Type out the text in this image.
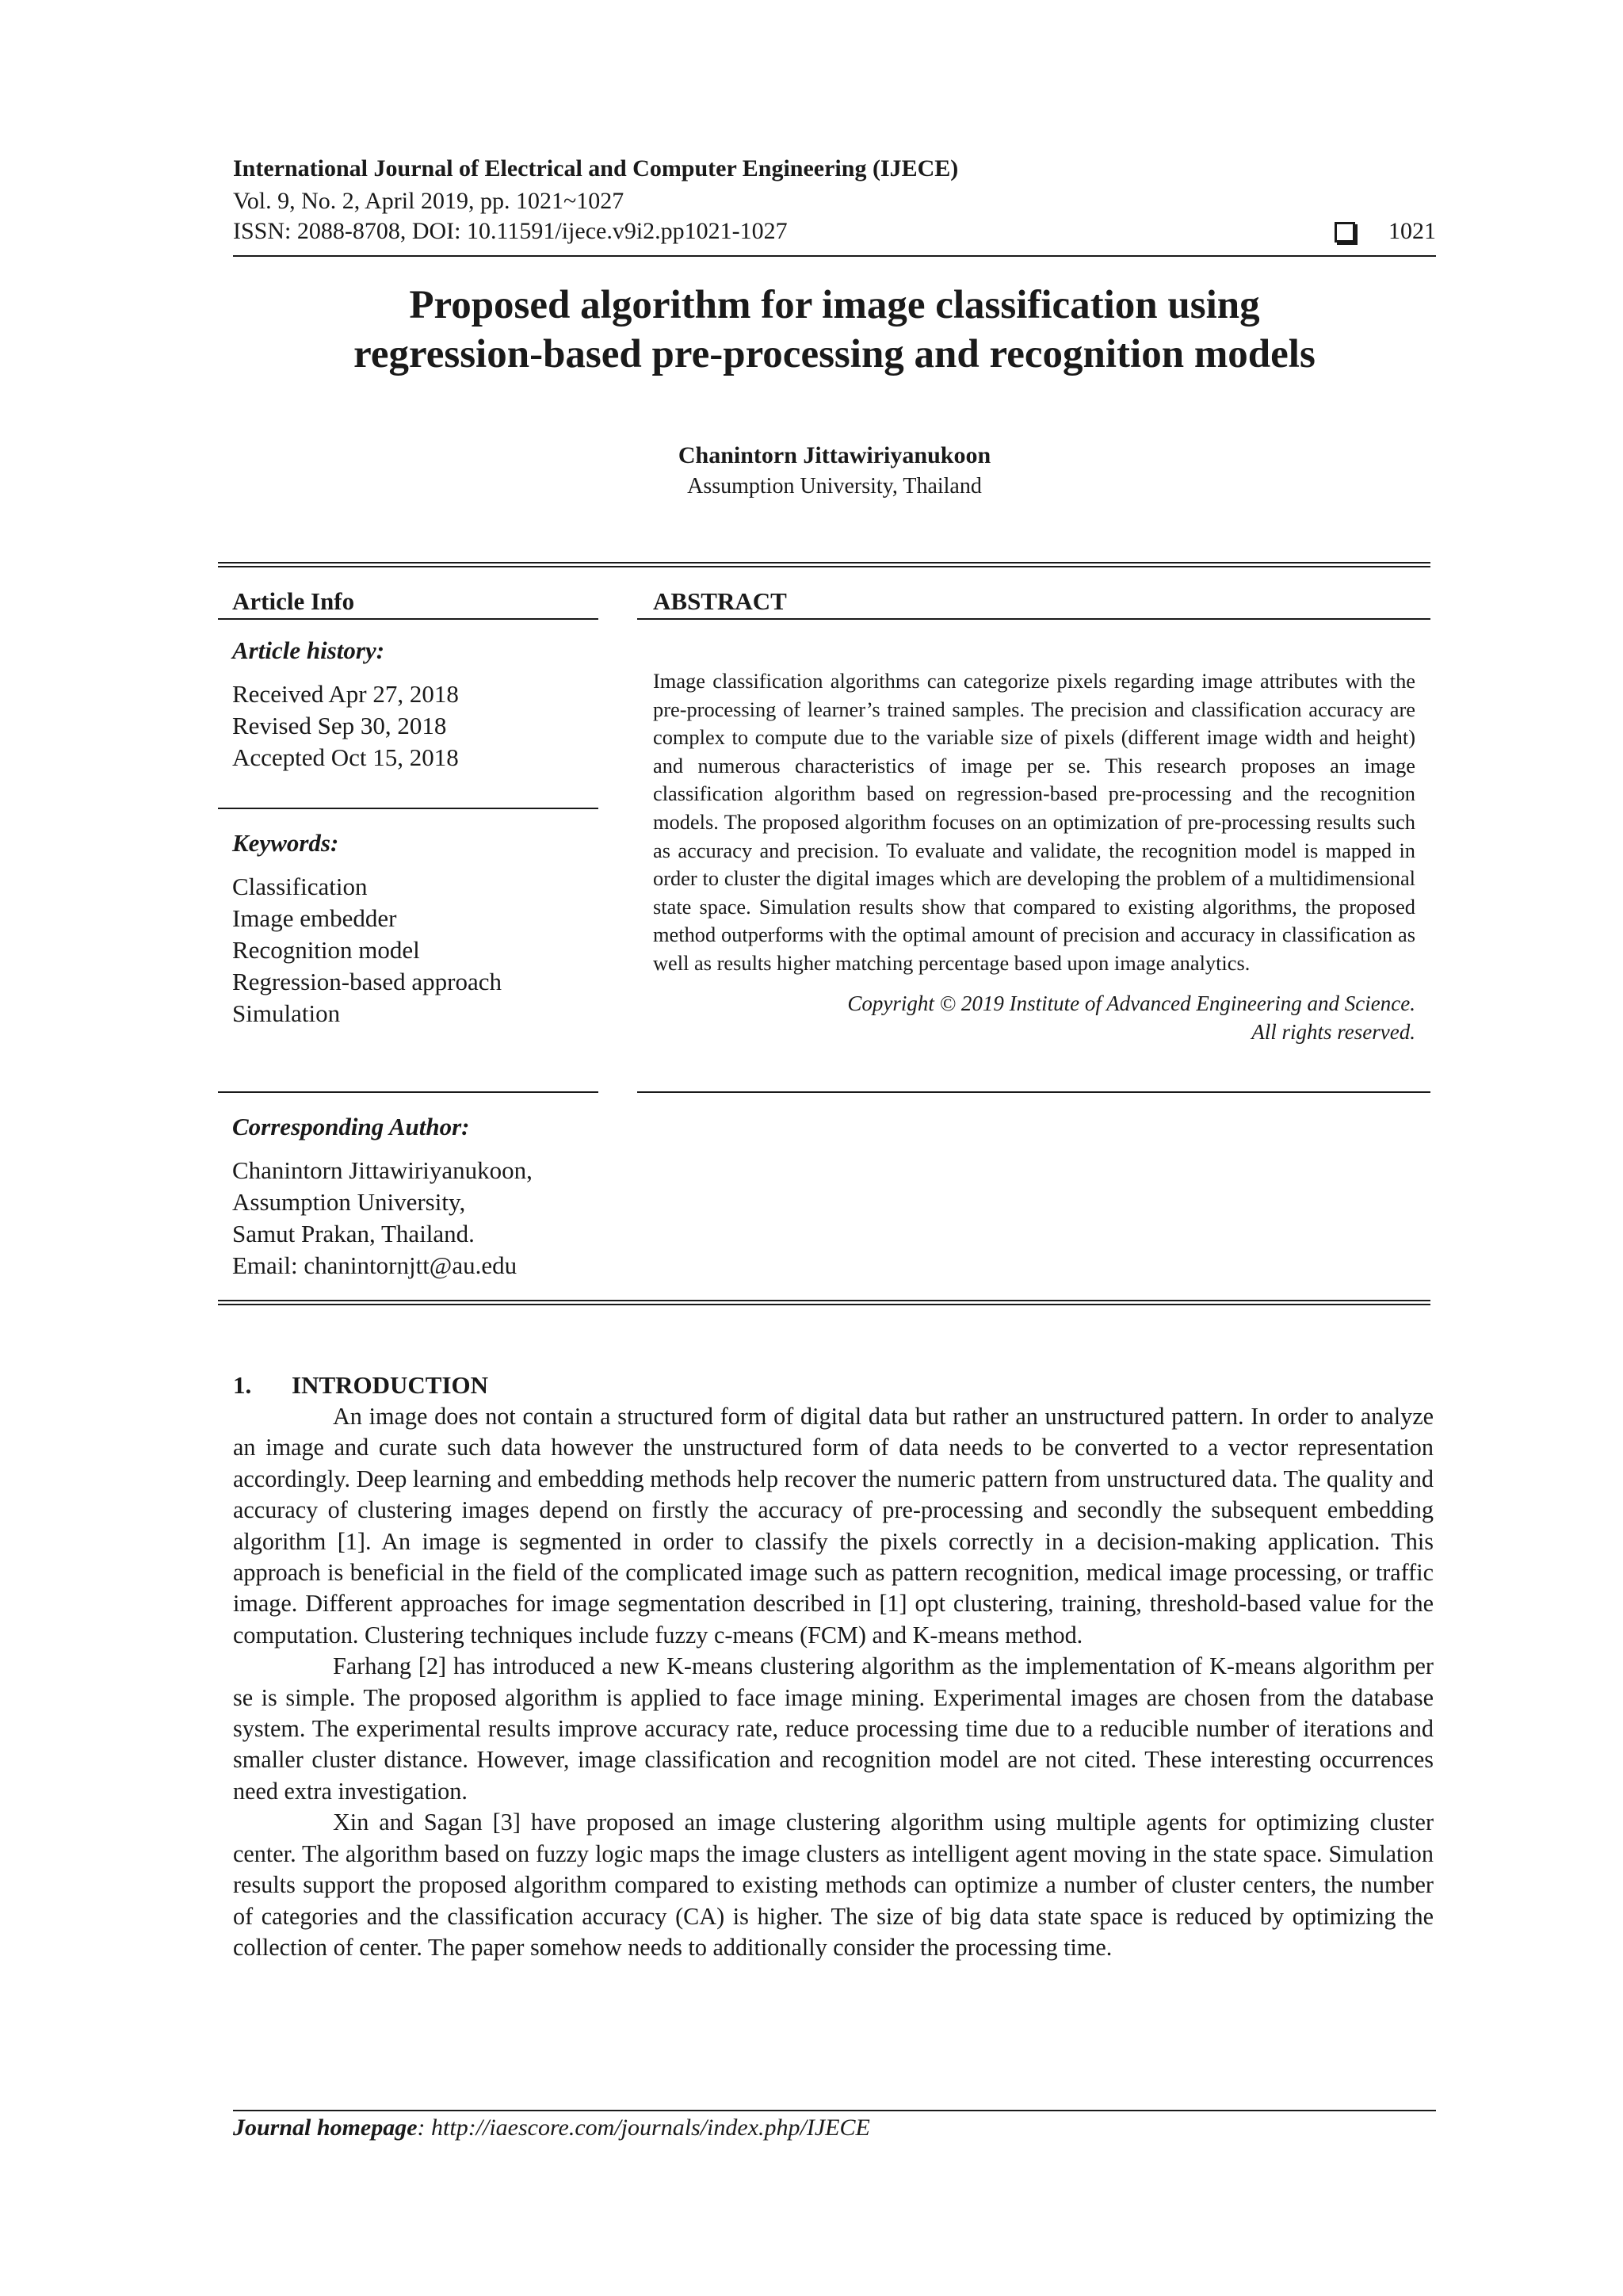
International Journal of Electrical and Computer Engineering (IJECE)
Vol. 9, No. 2, April 2019, pp. 1021~1027
ISSN: 2088-8708, DOI: 10.11591/ijece.v9i2.pp1021-1027	1021
Proposed algorithm for image classification using
regression-based pre-processing and recognition models
Chanintorn Jittawiriyanukoon
Assumption University, Thailand
Article Info
Article history:
Received Apr 27, 2018
Revised Sep 30, 2018
Accepted Oct 15, 2018
Keywords:
Classification
Image embedder
Recognition model
Regression-based approach
Simulation
Corresponding Author:
Chanintorn Jittawiriyanukoon,
Assumption University,
Samut Prakan, Thailand.
Email: chanintornjtt@au.edu
ABSTRACT
Image classification algorithms can categorize pixels regarding image attributes with the pre-processing of learner’s trained samples. The precision and classification accuracy are complex to compute due to the variable size of pixels (different image width and height) and numerous characteristics of image per se. This research proposes an image classification algorithm based on regression-based pre-processing and the recognition models. The proposed algorithm focuses on an optimization of pre-processing results such as accuracy and precision. To evaluate and validate, the recognition model is mapped in order to cluster the digital images which are developing the problem of a multidimensional state space. Simulation results show that compared to existing algorithms, the proposed method outperforms with the optimal amount of precision and accuracy in classification as well as results higher matching percentage based upon image analytics.
Copyright © 2019 Institute of Advanced Engineering and Science.
All rights reserved.
1.	INTRODUCTION

An image does not contain a structured form of digital data but rather an unstructured pattern. In order to analyze an image and curate such data however the unstructured form of data needs to be converted to a vector representation accordingly. Deep learning and embedding methods help recover the numeric pattern from unstructured data. The quality and accuracy of clustering images depend on firstly the accuracy of pre-processing and secondly the subsequent embedding algorithm [1]. An image is segmented in order to classify the pixels correctly in a decision-making application. This approach is beneficial in the field of the complicated image such as pattern recognition, medical image processing, or traffic image. Different approaches for image segmentation described in [1] opt clustering, training, threshold-based value for the computation. Clustering techniques include fuzzy c-means (FCM) and K-means method.

Farhang [2] has introduced a new K-means clustering algorithm as the implementation of K-means algorithm per se is simple. The proposed algorithm is applied to face image mining. Experimental images are chosen from the database system. The experimental results improve accuracy rate, reduce processing time due to a reducible number of iterations and smaller cluster distance. However, image classification and recognition model are not cited. These interesting occurrences need extra investigation.

Xin and Sagan [3] have proposed an image clustering algorithm using multiple agents for optimizing cluster center. The algorithm based on fuzzy logic maps the image clusters as intelligent agent moving in the state space. Simulation results support the proposed algorithm compared to existing methods can optimize a number of cluster centers, the number of categories and the classification accuracy (CA) is higher. The size of big data state space is reduced by optimizing the collection of center. The paper somehow needs to additionally consider the processing time.

Journal homepage: http://iaescore.com/journals/index.php/IJECE
